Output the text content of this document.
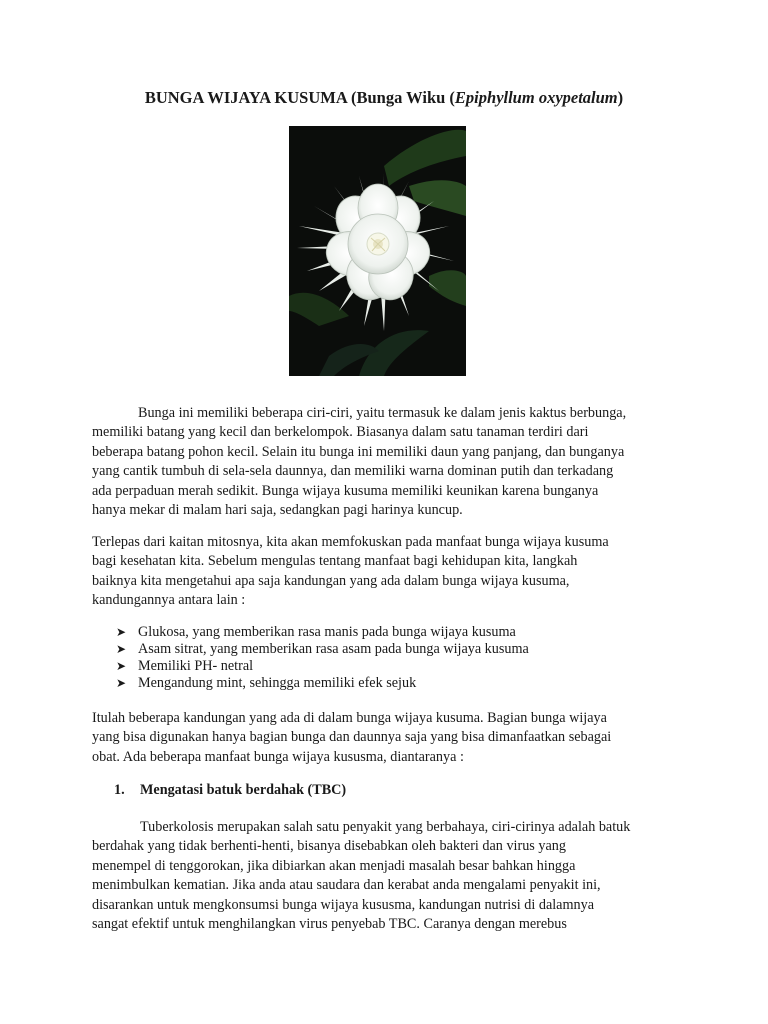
BUNGA WIJAYA KUSUMA (Bunga Wiku (Epiphyllum oxypetalum)

Bunga ini memiliki beberapa ciri-ciri, yaitu termasuk ke dalam jenis kaktus berbunga,

memiliki batang yang kecil dan berkelompok. Biasanya dalam satu tanaman terdiri dari

beberapa batang pohon kecil. Selain itu bunga ini memiliki daun yang panjang, dan bunganya

yang cantik tumbuh di sela-sela daunnya, dan memiliki warna dominan putih dan terkadang

ada perpaduan merah sedikit. Bunga wijaya kusuma memiliki keunikan karena bunganya

hanya mekar di malam hari saja, sedangkan pagi harinya kuncup.

Terlepas dari kaitan mitosnya, kita akan memfokuskan pada manfaat bunga wijaya kusuma

bagi kesehatan kita. Sebelum mengulas tentang manfaat bagi kehidupan kita, langkah

baiknya kita mengetahui apa saja kandungan yang ada dalam bunga wijaya kusuma,

kandungannya antara lain :

➤ Glukosa, yang memberikan rasa manis pada bunga wijaya kusuma
➤ Asam sitrat, yang memberikan rasa asam pada bunga wijaya kusuma
➤ Memiliki PH- netral
➤ Mengandung mint, sehingga memiliki efek sejuk

Itulah beberapa kandungan yang ada di dalam bunga wijaya kusuma. Bagian bunga wijaya

yang bisa digunakan hanya bagian bunga dan daunnya saja yang bisa dimanfaatkan sebagai

obat. Ada beberapa manfaat bunga wijaya kususma, diantaranya :

1. Mengatasi batuk berdahak (TBC)

Tuberkolosis merupakan salah satu penyakit yang berbahaya, ciri-cirinya adalah batuk

berdahak yang tidak berhenti-henti, bisanya disebabkan oleh bakteri dan virus yang

menempel di tenggorokan, jika dibiarkan akan menjadi masalah besar bahkan hingga

menimbulkan kematian. Jika anda atau saudara dan kerabat anda mengalami penyakit ini,

disarankan untuk mengkonsumsi bunga wijaya kususma, kandungan nutrisi di dalamnya

sangat efektif untuk menghilangkan virus penyebab TBC. Caranya dengan merebus
